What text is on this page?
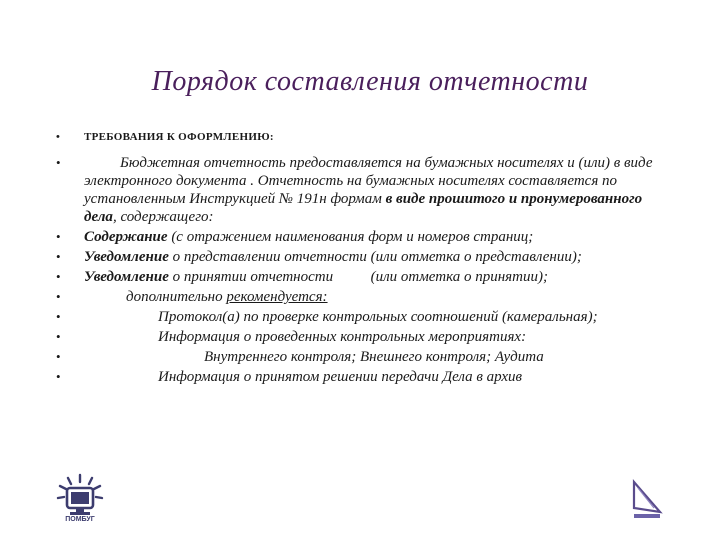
Порядок составления отчетности
• ТРЕБОВАНИЯ К ОФОРМЛЕНИЮ:
•	Бюджетная отчетность предоставляется на бумажных носителях и (или) в виде электронного документа . Отчетность на бумажных носителях составляется по установленным Инструкцией № 191н формам в виде прошитого и пронумерованного дела, содержащего:
• Содержание (с отражением наименования форм и номеров страниц;
• Уведомление о представлении отчетности (или отметка о представлении);
• Уведомление о принятии отчетности          (или отметка о принятии);
•	дополнительно рекомендуется:
•	Протокол(а) по проверке контрольных соотношений (камеральная);
•	Информация о проведенных контрольных мероприятиях:
•	Внутреннего контроля; Внешнего контроля; Аудита
•	Информация о принятом решении передачи Дела в архив
ПОМБУГ
